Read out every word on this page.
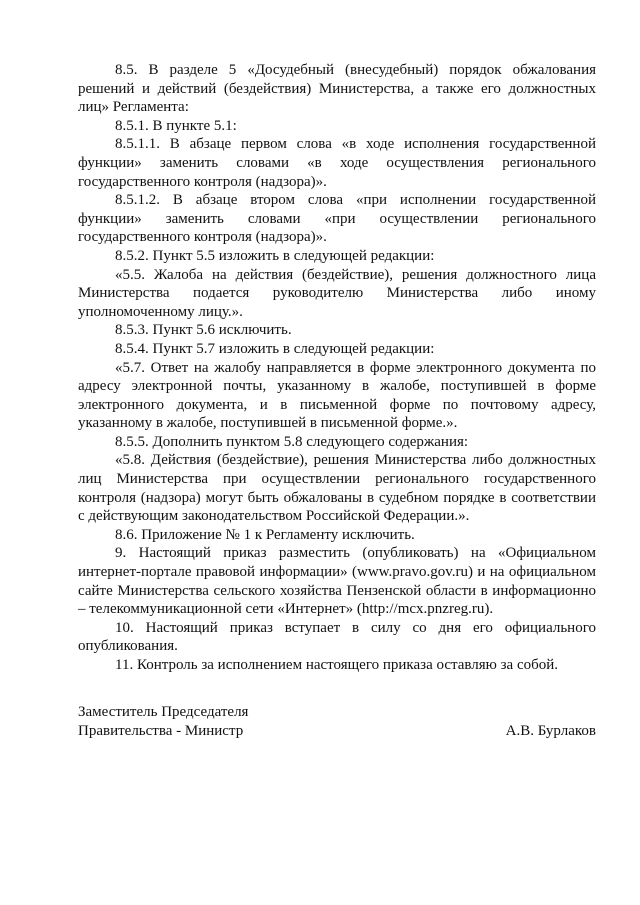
8.5. В разделе 5 «Досудебный (внесудебный) порядок обжалования решений и действий (бездействия) Министерства, а также его должностных лиц» Регламента:

8.5.1. В пункте 5.1:

8.5.1.1. В абзаце первом слова «в ходе исполнения государственной функции» заменить словами «в ходе осуществления регионального государственного контроля (надзора)».

8.5.1.2. В абзаце втором слова «при исполнении государственной функции» заменить словами «при осуществлении регионального государственного контроля (надзора)».

8.5.2. Пункт 5.5 изложить в следующей редакции:

«5.5. Жалоба на действия (бездействие), решения должностного лица Министерства подается руководителю Министерства либо иному уполномоченному лицу.».

8.5.3. Пункт 5.6 исключить.

8.5.4. Пункт 5.7 изложить в следующей редакции:

«5.7. Ответ на жалобу направляется в форме электронного документа по адресу электронной почты, указанному в жалобе, поступившей в форме электронного документа, и в письменной форме по почтовому адресу, указанному в жалобе, поступившей в письменной форме.».

8.5.5. Дополнить пунктом 5.8 следующего содержания:

«5.8. Действия (бездействие), решения Министерства либо должностных лиц Министерства при осуществлении регионального государственного контроля (надзора) могут быть обжалованы в судебном порядке в соответствии с действующим законодательством Российской Федерации.».

8.6. Приложение № 1 к Регламенту исключить.

9. Настоящий приказ разместить (опубликовать) на «Официальном интернет-портале правовой информации» (www.pravo.gov.ru) и на официальном сайте Министерства сельского хозяйства Пензенской области в информационно – телекоммуникационной сети «Интернет» (http://mcx.pnzreg.ru).

10. Настоящий приказ вступает в силу со дня его официального опубликования.

11. Контроль за исполнением настоящего приказа оставляю за собой.

Заместитель Председателя
Правительства - Министр	А.В. Бурлаков
